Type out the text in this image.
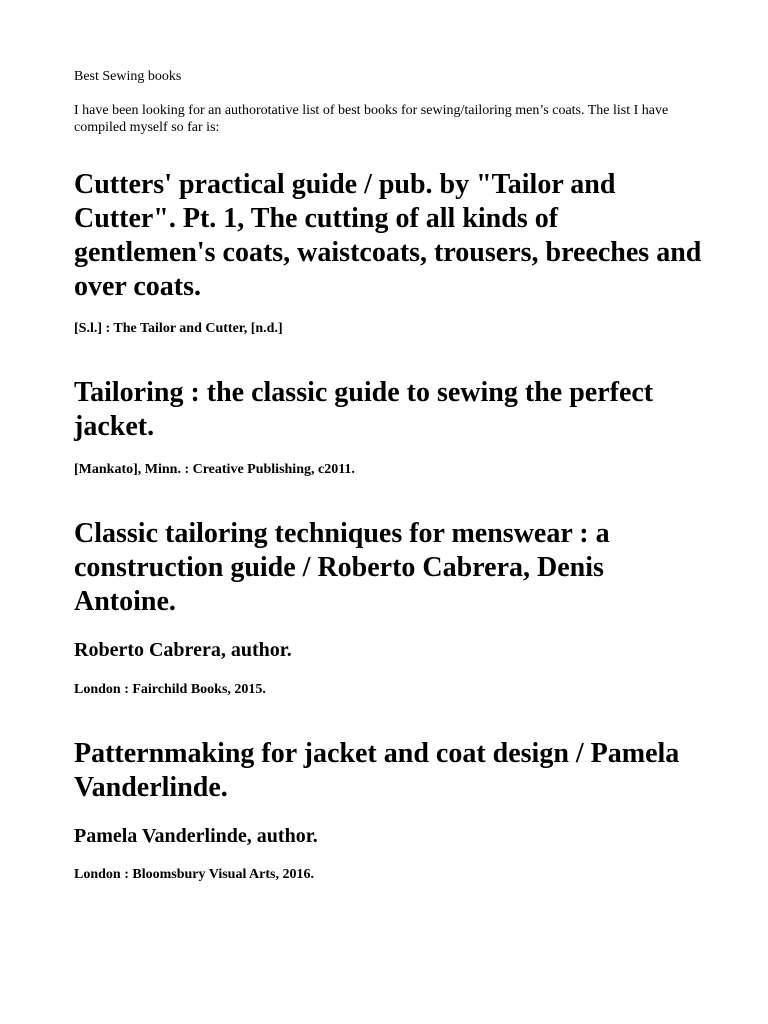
Best Sewing books
I have been looking for an authorotative list of best books for sewing/tailoring men’s coats. The list I have compiled myself so far is:
Cutters' practical guide / pub. by "Tailor and Cutter". Pt. 1, The cutting of all kinds of gentlemen's coats, waistcoats, trousers, breeches and over coats.
[S.l.] : The Tailor and Cutter, [n.d.]
Tailoring : the classic guide to sewing the perfect jacket.
[Mankato], Minn. : Creative Publishing, c2011.
Classic tailoring techniques for menswear : a construction guide / Roberto Cabrera, Denis Antoine.
Roberto Cabrera, author.
London : Fairchild Books, 2015.
Patternmaking for jacket and coat design / Pamela Vanderlinde.
Pamela Vanderlinde, author.
London : Bloomsbury Visual Arts, 2016.
